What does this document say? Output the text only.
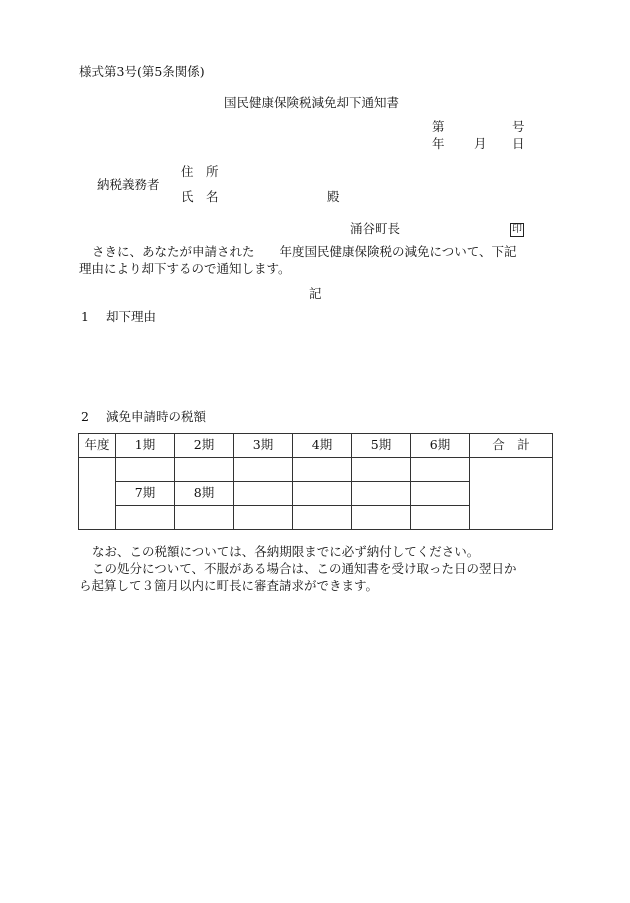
様式第3号(第5条関係)
国民健康保険税減免却下通知書
第	号
年 月 日
納税義務者
住　所
氏　名	殿
涌谷町長	印
さきに、あなたが申請された　　年度国民健康保険税の減免について、下記
理由により却下するので通知します。
記
1 却下理由
2 減免申請時の税額
年度	1期	2期	3期	4期	5期	6期	合　計

	7期	8期					

なお、この税額については、各納期限までに必ず納付してください。
この処分について、不服がある場合は、この通知書を受け取った日の翌日か
ら起算して３箇月以内に町長に審査請求ができます。
